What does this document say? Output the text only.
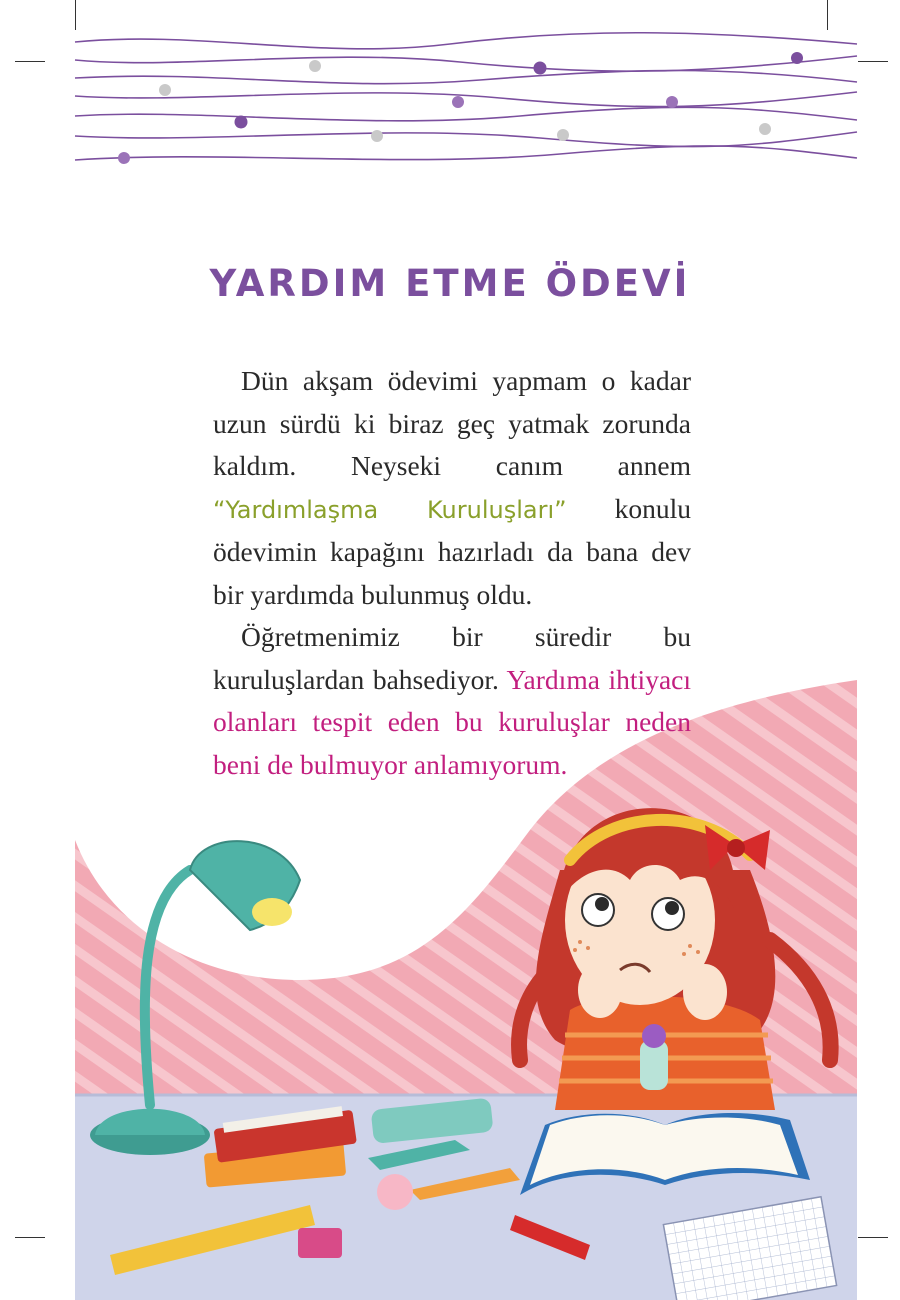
YARDIM ETME ÖDEVİ

Dün akşam ödevimi yapmam o kadar uzun sürdü ki biraz geç yatmak zorunda kaldım. Neyseki canım annem “Yardımlaşma Kuruluşları” konulu ödevimin kapağını hazırladı da bana dev bir yardımda bulunmuş oldu.

Öğretmenimiz bir süredir bu kuruluşlardan bahsediyor. Yardıma ihtiyacı olanları tespit eden bu kuruluşlar neden beni de bulmuyor anlamıyorum.
